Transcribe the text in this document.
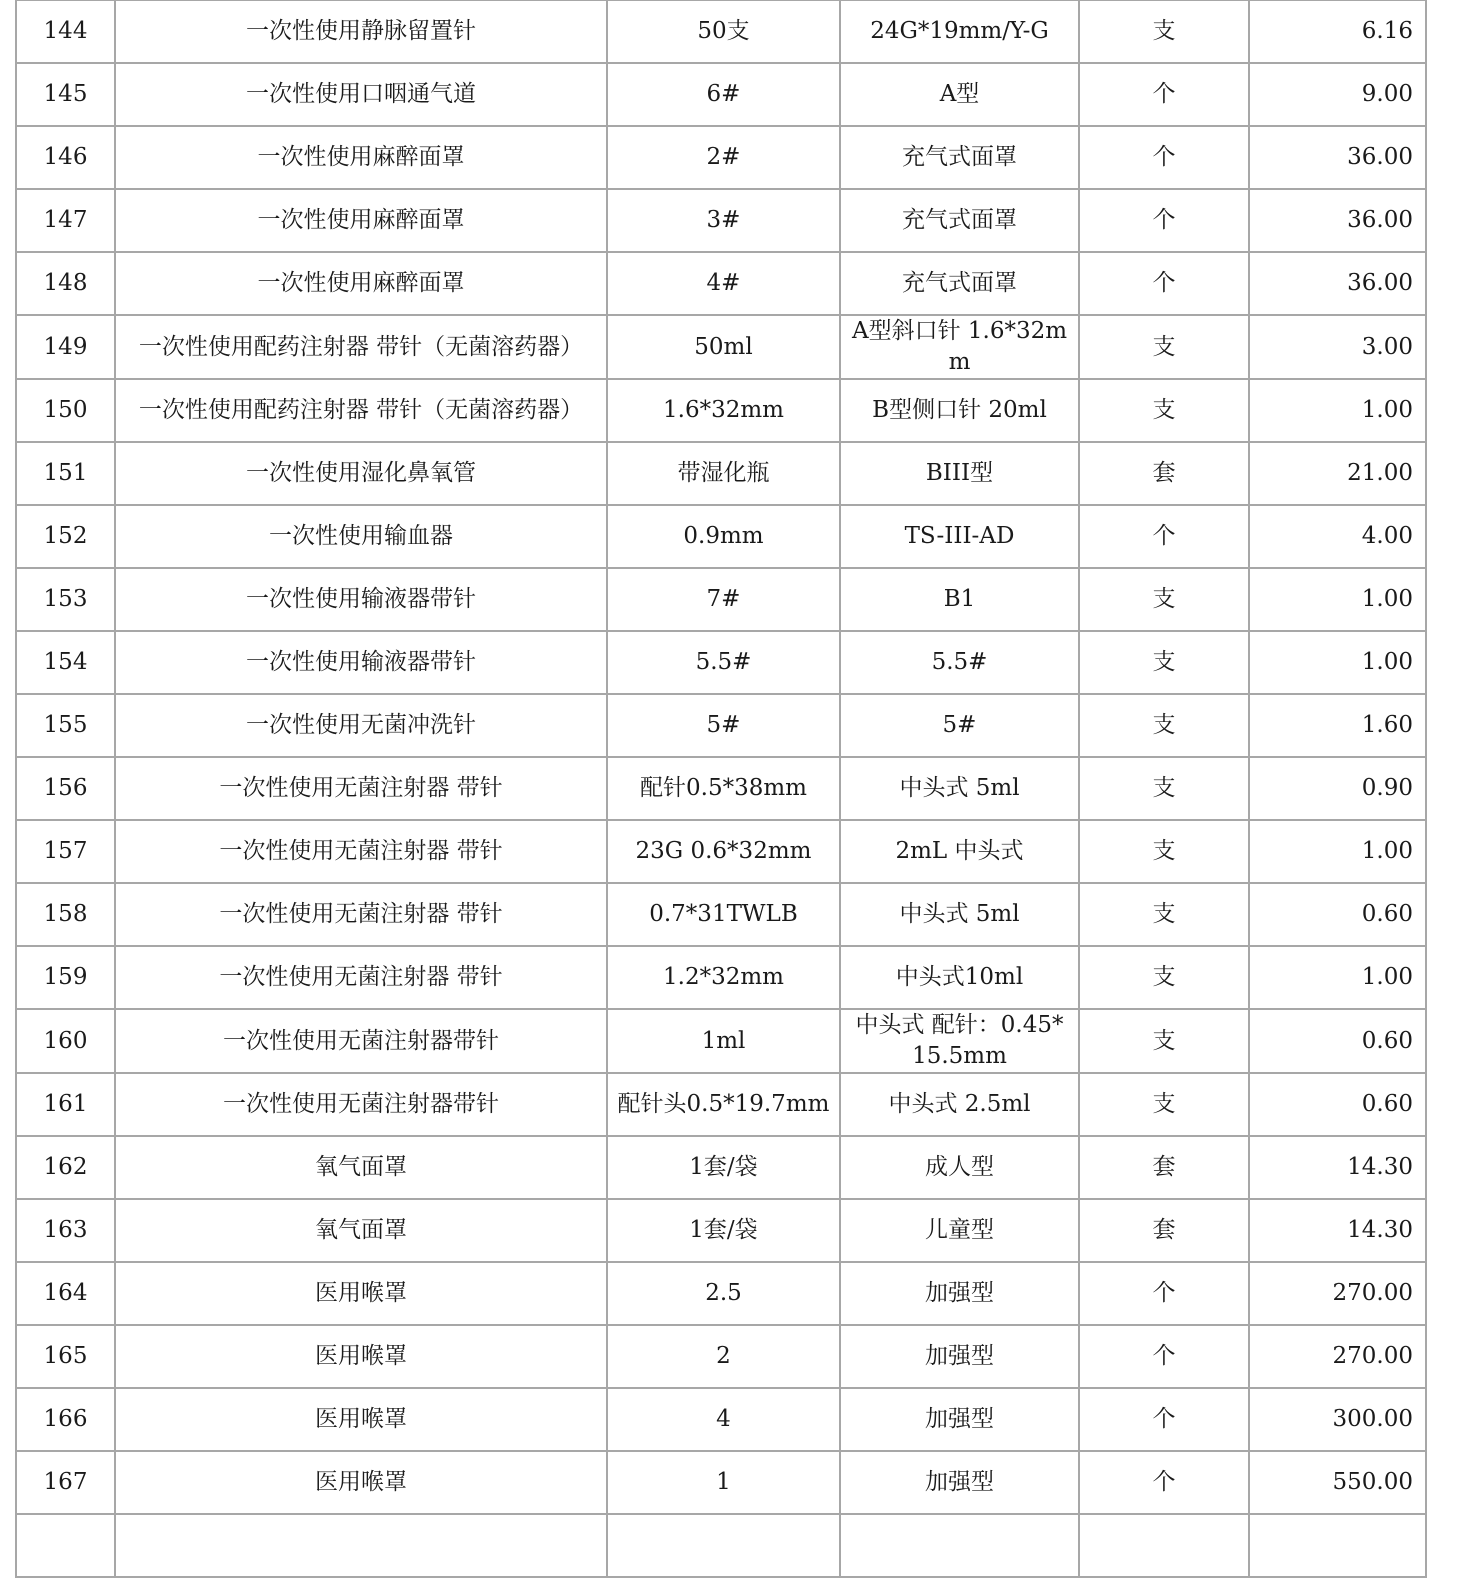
144	一次性使用静脉留置针	50支	24G*19mm/Y-G	支	6.16
145	一次性使用口咽通气道	6#	A型	个	9.00
146	一次性使用麻醉面罩	2#	充气式面罩	个	36.00
147	一次性使用麻醉面罩	3#	充气式面罩	个	36.00
148	一次性使用麻醉面罩	4#	充气式面罩	个	36.00
149	一次性使用配药注射器 带针（无菌溶药器）	50ml	A型斜口针 1.6*32mm	支	3.00
150	一次性使用配药注射器 带针（无菌溶药器）	1.6*32mm	B型侧口针 20ml	支	1.00
151	一次性使用湿化鼻氧管	带湿化瓶	BIII型	套	21.00
152	一次性使用输血器	0.9mm	TS-III-AD	个	4.00
153	一次性使用输液器带针	7#	B1	支	1.00
154	一次性使用输液器带针	5.5#	5.5#	支	1.00
155	一次性使用无菌冲洗针	5#	5#	支	1.60
156	一次性使用无菌注射器 带针	配针0.5*38mm	中头式 5ml	支	0.90
157	一次性使用无菌注射器 带针	23G 0.6*32mm	2mL 中头式	支	1.00
158	一次性使用无菌注射器 带针	0.7*31TWLB	中头式 5ml	支	0.60
159	一次性使用无菌注射器 带针	1.2*32mm	中头式10ml	支	1.00
160	一次性使用无菌注射器带针	1ml	中头式 配针：0.45*15.5mm	支	0.60
161	一次性使用无菌注射器带针	配针头0.5*19.7mm	中头式 2.5ml	支	0.60
162	氧气面罩	1套/袋	成人型	套	14.30
163	氧气面罩	1套/袋	儿童型	套	14.30
164	医用喉罩	2.5	加强型	个	270.00
165	医用喉罩	2	加强型	个	270.00
166	医用喉罩	4	加强型	个	300.00
167	医用喉罩	1	加强型	个	550.00
